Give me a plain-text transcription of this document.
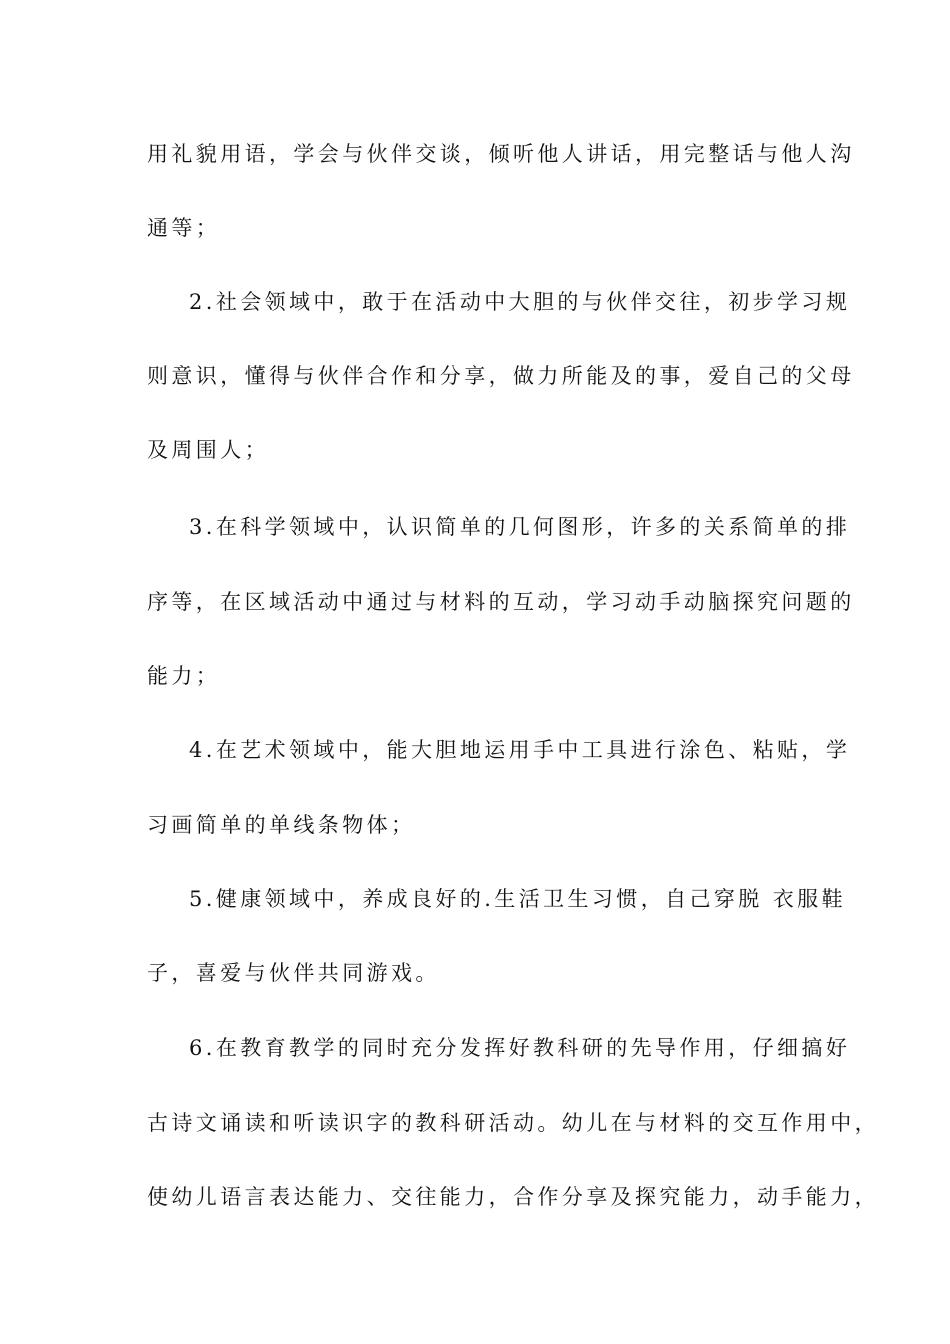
用礼貌用语，学会与伙伴交谈，倾听他人讲话，用完整话与他人沟
通等；
2.社会领域中，敢于在活动中大胆的与伙伴交往，初步学习规
则意识，懂得与伙伴合作和分享，做力所能及的事，爱自己的父母
及周围人；
3.在科学领域中，认识简单的几何图形，许多的关系简单的排
序等，在区域活动中通过与材料的互动，学习动手动脑探究问题的
能力；
4.在艺术领域中，能大胆地运用手中工具进行涂色、粘贴，学
习画简单的单线条物体；
5.健康领域中，养成良好的.生活卫生习惯，自己穿脱 衣服鞋
子，喜爱与伙伴共同游戏。
6.在教育教学的同时充分发挥好教科研的先导作用，仔细搞好
古诗文诵读和听读识字的教科研活动。幼儿在与材料的交互作用中，
使幼儿语言表达能力、交往能力，合作分享及探究能力，动手能力，
